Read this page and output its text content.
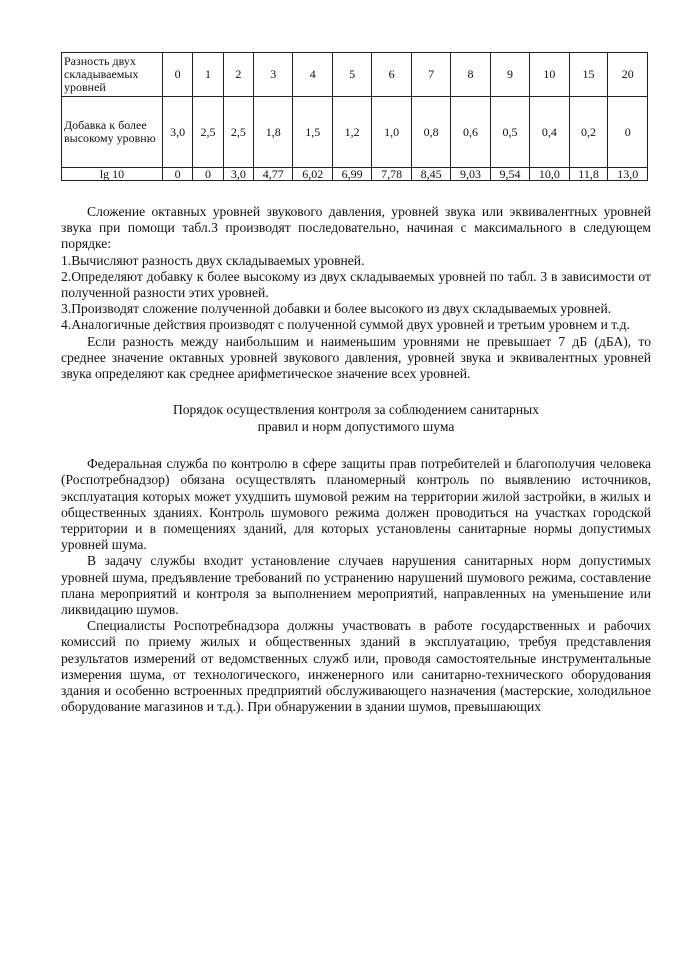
Разность двух складываемых уровней	0	1	2	3	4	5	6	7	8	9	10	15	20
Добавка к более высокому уровню	3,0	2,5	2,5	1,8	1,5	1,2	1,0	0,8	0,6	0,5	0,4	0,2	0
lg 10	0	0	3,0	4,77	6,02	6,99	7,78	8,45	9,03	9,54	10,0	11,8	13,0

Сложение октавных уровней звукового давления, уровней звука или эквивалентных уровней звука при помощи табл.3 производят последовательно, начиная с максимального в следующем порядке:

1.Вычисляют разность двух складываемых уровней.

2.Определяют добавку к более высокому из двух складываемых уровней по табл. 3 в зависимости от полученной разности этих уровней.

3.Производят сложение полученной добавки и более высокого из двух складываемых уровней.

4.Аналогичные действия производят с полученной суммой двух уровней и третьим уровнем и т.д.

Если разность между наибольшим и наименьшим уровнями не превышает 7 дБ (дБА), то среднее значение октавных уровней звукового давления, уровней звука и эквивалентных уровней звука определяют как среднее арифметическое значение всех уровней.

Порядок осуществления контроля за соблюдением санитарных
правил и норм допустимого шума

Федеральная служба по контролю в сфере защиты прав потребителей и благополучия человека (Роспотребнадзор) обязана осуществлять планомерный контроль по выявлению источников, эксплуатация которых может ухудшить шумовой режим на территории жилой застройки, в жилых и общественных зданиях. Контроль шумового режима должен проводиться на участках городской территории и в помещениях зданий, для которых установлены санитарные нормы допустимых уровней шума.

В задачу службы входит установление случаев нарушения санитарных норм допустимых уровней шума, предъявление требований по устранению нарушений шумового режима, составление плана мероприятий и контроля за выполнением мероприятий, направленных на уменьшение или ликвидацию шумов.

Специалисты Роспотребнадзора должны участвовать в работе государственных и рабочих комиссий по приему жилых и общественных зданий в эксплуатацию, требуя представления результатов измерений от ведомственных служб или, проводя самостоятельные инструментальные измерения шума, от технологического, инженерного или санитарно-технического оборудования здания и особенно встроенных предприятий обслуживающего назначения (мастерские, холодильное оборудование магазинов и т.д.). При обнаружении в здании шумов, превышающих
